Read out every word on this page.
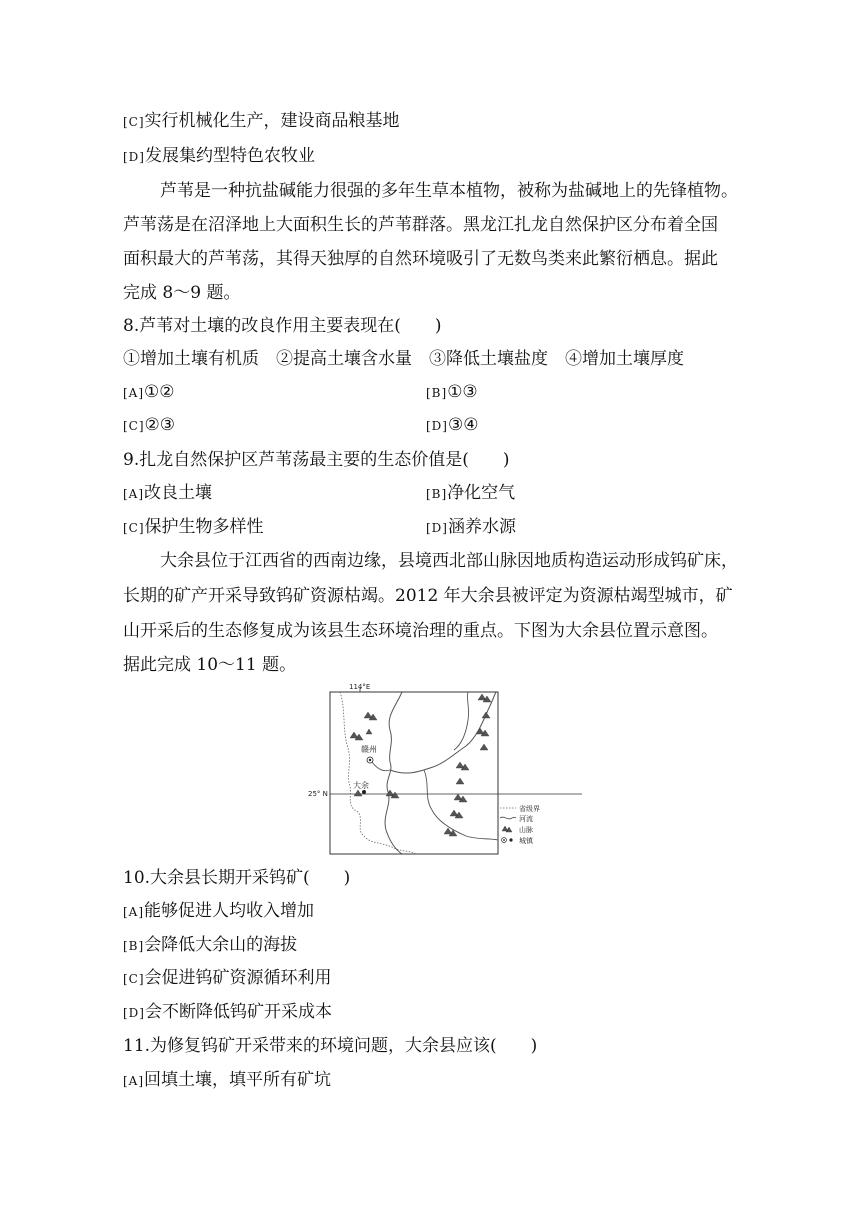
[C]实行机械化生产，建设商品粮基地
[D]发展集约型特色农牧业
芦苇是一种抗盐碱能力很强的多年生草本植物，被称为盐碱地上的先锋植物。
芦苇荡是在沼泽地上大面积生长的芦苇群落。黑龙江扎龙自然保护区分布着全国
面积最大的芦苇荡，其得天独厚的自然环境吸引了无数鸟类来此繁衍栖息。据此
完成 8～9 题。
8.芦苇对土壤的改良作用主要表现在(　　)
①增加土壤有机质　②提高土壤含水量　③降低土壤盐度　④增加土壤厚度
[A]①②	[B]①③
[C]②③	[D]③④
9.扎龙自然保护区芦苇荡最主要的生态价值是(　　)
[A]改良土壤	[B]净化空气
[C]保护生物多样性	[D]涵养水源
大余县位于江西省的西南边缘，县境西北部山脉因地质构造运动形成钨矿床，
长期的矿产开采导致钨矿资源枯竭。2012 年大余县被评定为资源枯竭型城市，矿
山开采后的生态修复成为该县生态环境治理的重点。下图为大余县位置示意图。
据此完成 10～11 题。
114°E
25° N
赣州
大余
省级界
河流
山脉
城镇
10.大余县长期开采钨矿(　　)
[A]能够促进人均收入增加
[B]会降低大余山的海拔
[C]会促进钨矿资源循环利用
[D]会不断降低钨矿开采成本
11.为修复钨矿开采带来的环境问题，大余县应该(　　)
[A]回填土壤，填平所有矿坑
